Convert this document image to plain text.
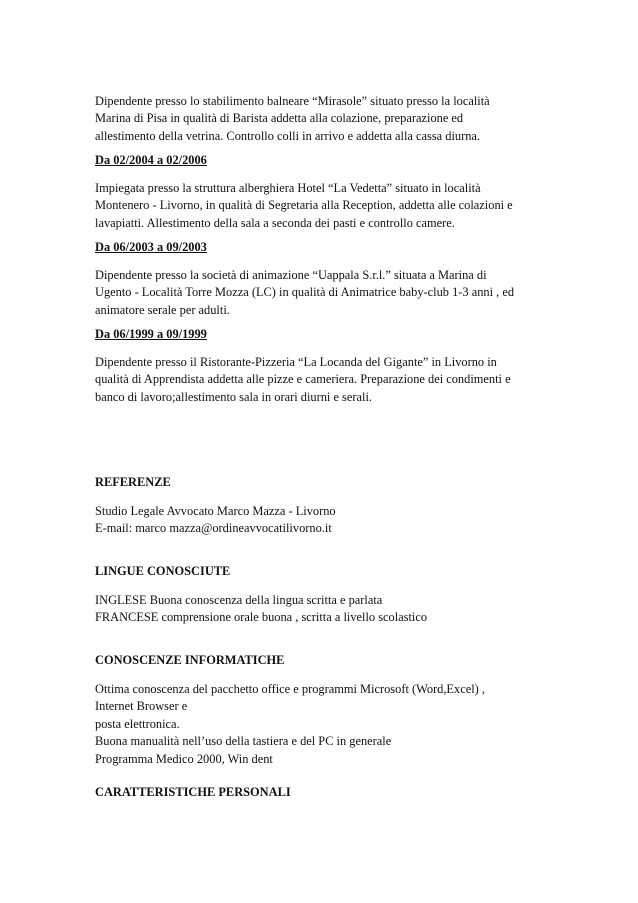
Dipendente presso lo stabilimento balneare “Mirasole” situato presso la località
Marina di Pisa in qualità di Barista addetta alla colazione, preparazione ed
allestimento della vetrina. Controllo colli in arrivo e addetta alla cassa diurna.
Da 02/2004 a 02/2006
Impiegata presso la struttura alberghiera Hotel “La Vedetta” situato in località
Montenero - Livorno, in qualità di Segretaria alla Reception, addetta alle colazioni e
lavapiatti. Allestimento della sala a seconda dei pasti e controllo camere.
Da 06/2003 a 09/2003
Dipendente presso la società di animazione “Uappala S.r.l.” situata a Marina di
Ugento - Località Torre Mozza (LC) in qualità di Animatrice baby-club 1-3 anni , ed
animatore serale per adulti.
Da 06/1999 a 09/1999
Dipendente presso il Ristorante-Pizzeria “La Locanda del Gigante” in Livorno in
qualità di Apprendista addetta alle pizze e cameriera. Preparazione dei condimenti e
banco di lavoro;allestimento sala in orari diurni e serali.
REFERENZE
Studio Legale Avvocato Marco Mazza - Livorno
E-mail: marco mazza@ordineavvocatilivorno.it
LINGUE CONOSCIUTE
INGLESE Buona conoscenza della lingua scritta e parlata
FRANCESE comprensione orale buona , scritta a livello scolastico
CONOSCENZE INFORMATICHE
Ottima conoscenza del pacchetto office e programmi Microsoft (Word,Excel) ,
Internet Browser e
posta elettronica.
Buona manualità nell’uso della tastiera e del PC in generale
Programma Medico 2000, Win dent
CARATTERISTICHE PERSONALI
